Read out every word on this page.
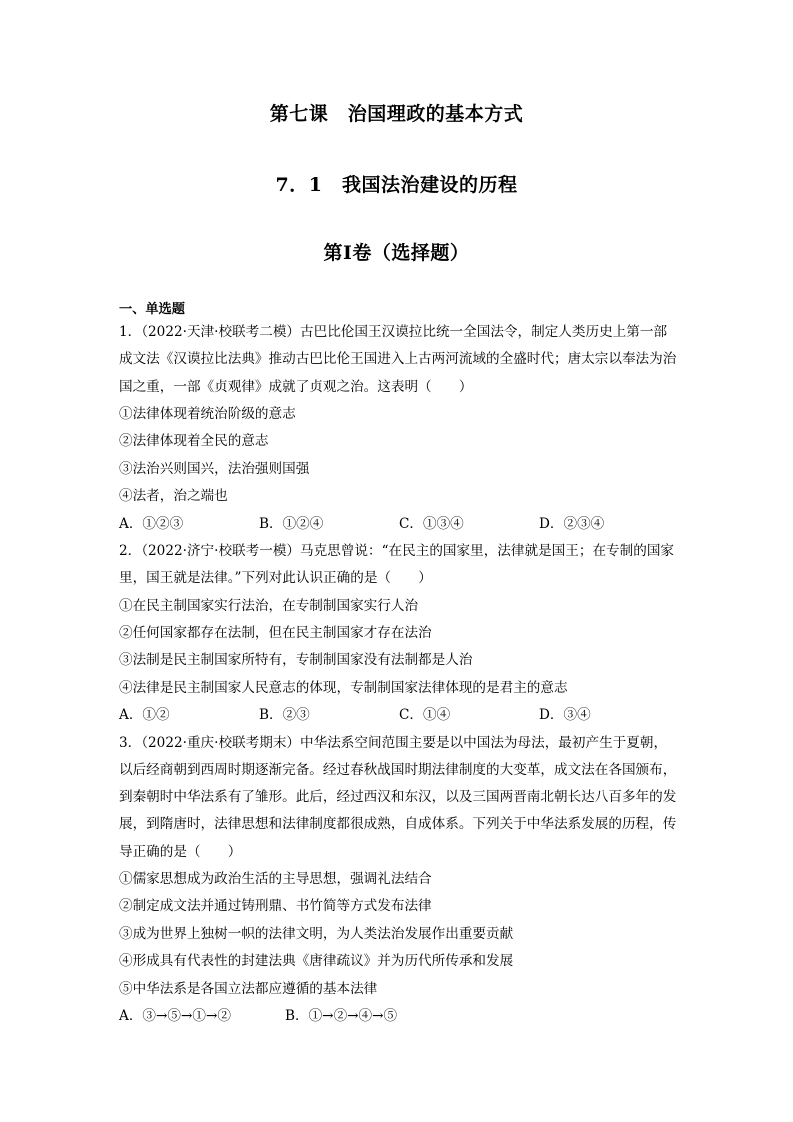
第七课　治国理政的基本方式
7．1　我国法治建设的历程
第Ⅰ卷（选择题）
一、单选题
1．（2022·天津·校联考二模）古巴比伦国王汉谟拉比统一全国法令，制定人类历史上第一部成文法《汉谟拉比法典》推动古巴比伦王国进入上古两河流域的全盛时代；唐太宗以奉法为治国之重，一部《贞观律》成就了贞观之治。这表明（　　）
①法律体现着统治阶级的意志
②法律体现着全民的意志
③法治兴则国兴，法治强则国强
④法者，治之端也
A．①②③	B．①②④	C．①③④	D．②③④
2．（2022·济宁·校联考一模）马克思曾说：“在民主的国家里，法律就是国王；在专制的国家里，国王就是法律。”下列对此认识正确的是（　　）
①在民主制国家实行法治，在专制制国家实行人治
②任何国家都存在法制，但在民主制国家才存在法治
③法制是民主制国家所特有，专制制国家没有法制都是人治
④法律是民主制国家人民意志的体现，专制制国家法律体现的是君主的意志
A．①②	B．②③	C．①④	D．③④
3．（2022·重庆·校联考期末）中华法系空间范围主要是以中国法为母法，最初产生于夏朝，以后经商朝到西周时期逐渐完备。经过春秋战国时期法律制度的大变革，成文法在各国颁布，到秦朝时中华法系有了雏形。此后，经过西汉和东汉，以及三国两晋南北朝长达八百多年的发展，到隋唐时，法律思想和法律制度都很成熟，自成体系。下列关于中华法系发展的历程，传导正确的是（　　）
①儒家思想成为政治生活的主导思想，强调礼法结合
②制定成文法并通过铸刑鼎、书竹简等方式发布法律
③成为世界上独树一帜的法律文明，为人类法治发展作出重要贡献
④形成具有代表性的封建法典《唐律疏议》并为历代所传承和发展
⑤中华法系是各国立法都应遵循的基本法律
A．③→⑤→①→②	B．①→②→④→⑤
